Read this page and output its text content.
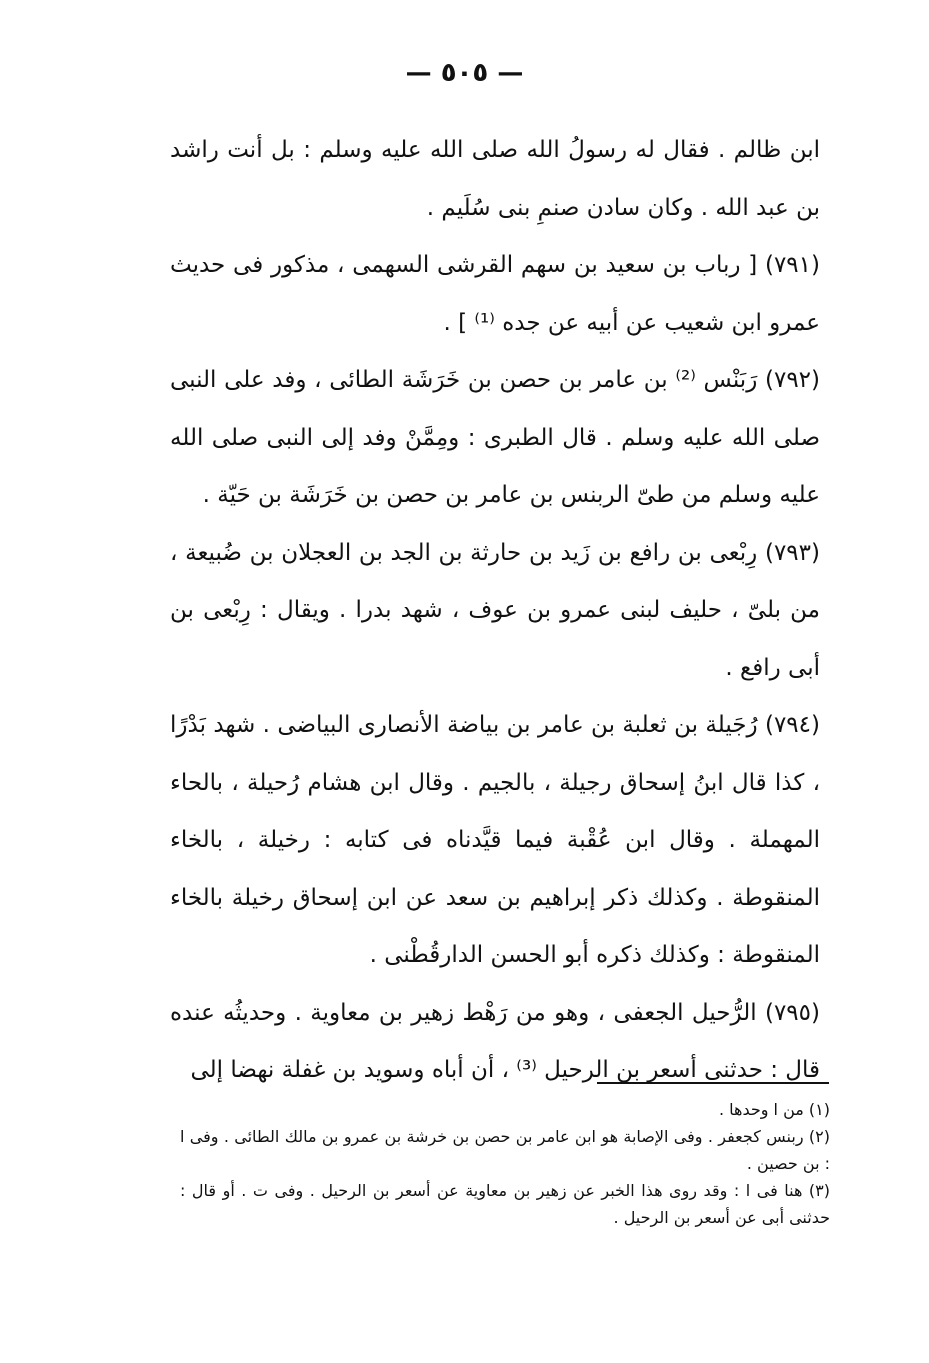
— ٥٠٥ —

ابن ظالم . فقال له رسولُ الله صلى الله عليه وسلم : بل أنت راشد بن عبد الله . وكان سادن صنمِ بنى سُلَيم .

(٧٩١) [ رباب بن سعيد بن سهم القرشى السهمى ، مذكور فى حديث عمرو ابن شعيب عن أبيه عن جده ⁽¹⁾ ] .

(٧٩٢) رَبَنْس ⁽²⁾ بن عامر بن حصن بن خَرَشَة الطائى ، وفد على النبى صلى الله عليه وسلم . قال الطبرى : ومِمَّنْ وفد إلى النبى صلى الله عليه وسلم من طىّ الربنس بن عامر بن حصن بن خَرَشَة بن حَيّة .

(٧٩٣) رِبْعى بن رافع بن زَيد بن حارثة بن الجد بن العجلان بن ضُبيعة ، من بلىّ ، حليف لبنى عمرو بن عوف ، شهد بدرا . ويقال : رِبْعى بن أبى رافع .

(٧٩٤) رُجَيلة بن ثعلبة بن عامر بن بياضة الأنصارى البياضى . شهد بَدْرًا ، كذا قال ابنُ إسحاق رجيلة ، بالجيم . وقال ابن هشام رُحيلة ، بالحاء المهملة . وقال ابن عُقْبة فيما قيَّدناه فى كتابه : رخيلة ، بالخاء المنقوطة . وكذلك ذكر إبراهيم بن سعد عن ابن إسحاق رخيلة بالخاء المنقوطة : وكذلك ذكره أبو الحسن الدارقُطْنى .

(٧٩٥) الرُّحيل الجعفى ، وهو من رَهْط زهير بن معاوية . وحديثُه عنده قال : حدثنى أسعر بن الرحيل ⁽³⁾ ، أن أباه وسويد بن غفلة نهضا إلى

(١) من ا وحدها .

(٢) ربنس كجعفر . وفى الإصابة هو ابن عامر بن حصن بن خرشة بن عمرو بن مالك الطائى . وفى ا : بن حصين .

(٣) هنا فى ا : وقد روى هذا الخبر عن زهير بن معاوية عن أسعر بن الرحيل . وفى ت . أو قال : حدثنى أبى عن أسعر بن الرحيل .
